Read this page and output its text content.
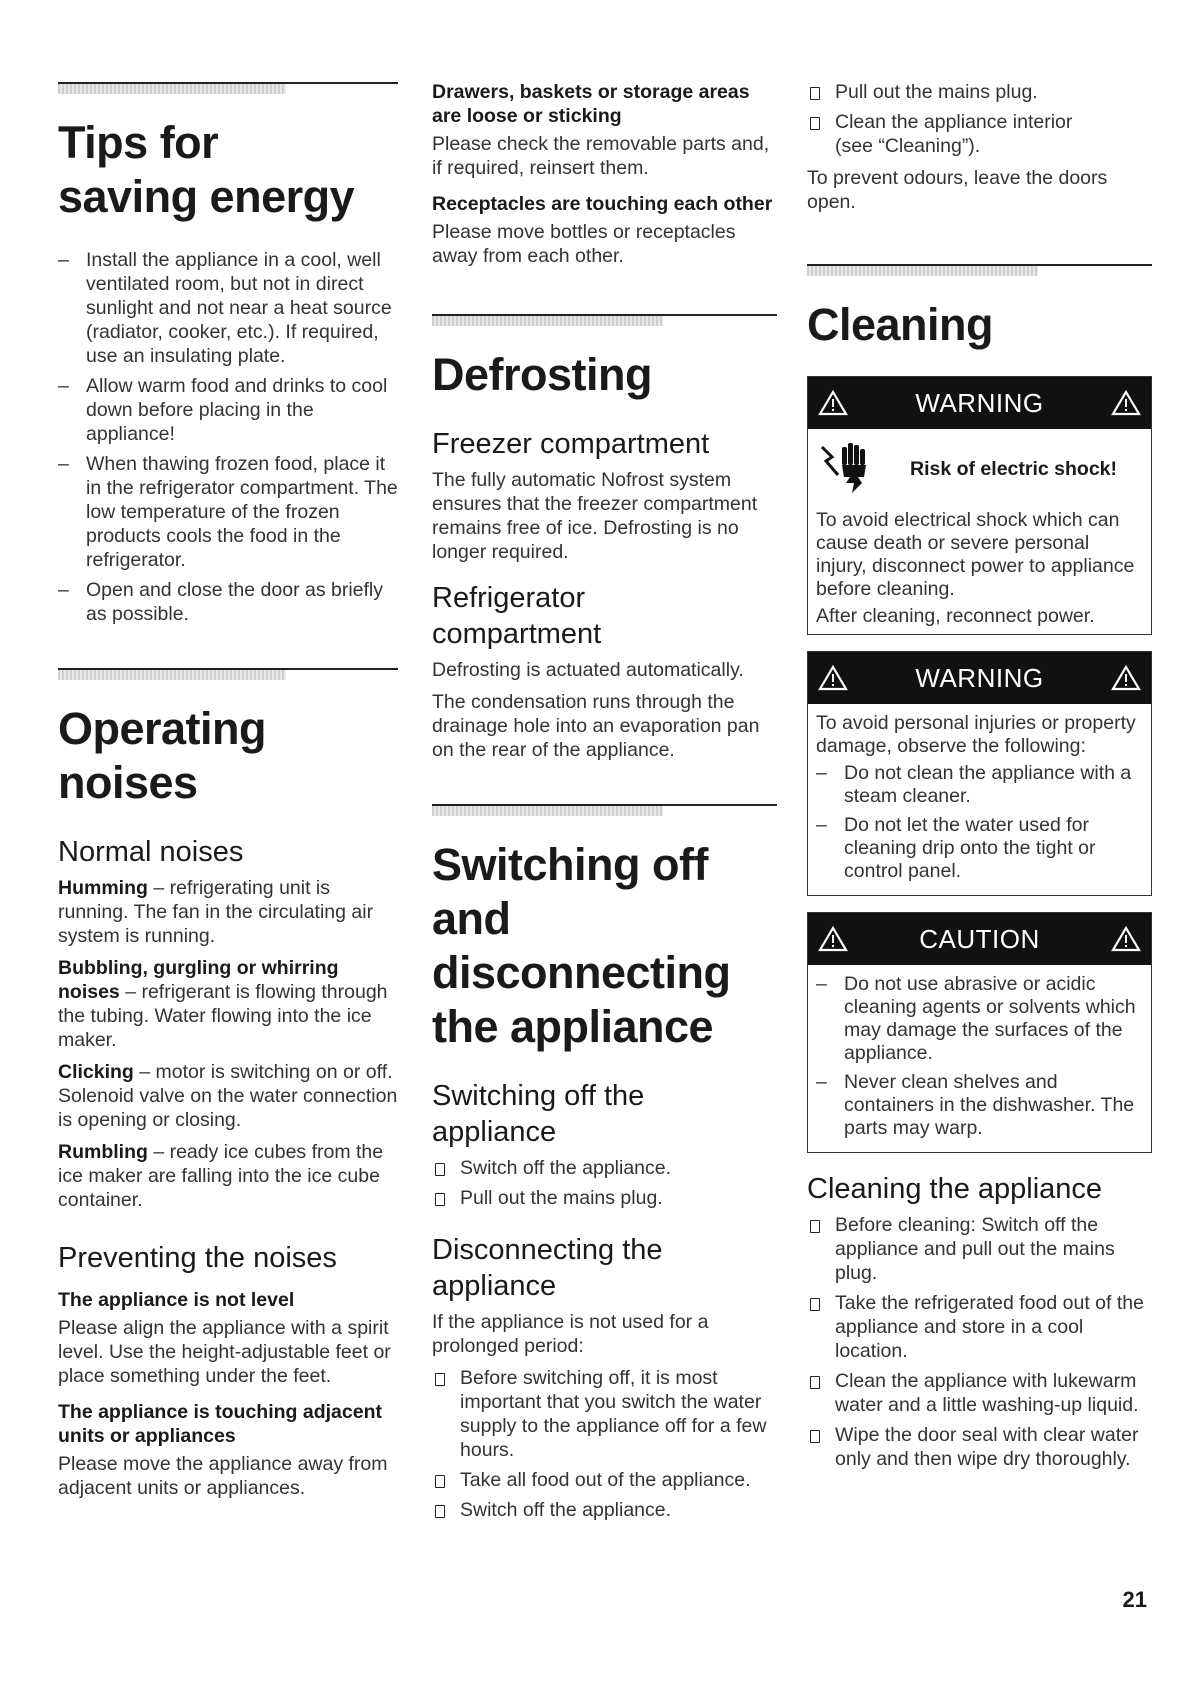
Tips for saving energy
– Install the appliance in a cool, well ventilated room, but not in direct sunlight and not near a heat source (radiator, cooker, etc.). If required, use an insulating plate.
– Allow warm food and drinks to cool down before placing in the appliance!
– When thawing frozen food, place it in the refrigerator compartment. The low temperature of the frozen products cools the food in the refrigerator.
– Open and close the door as briefly as possible.
Operating noises
Normal noises

Humming – refrigerating unit is running. The fan in the circulating air system is running.

Bubbling, gurgling or whirring noises – refrigerant is flowing through the tubing. Water flowing into the ice maker.

Clicking – motor is switching on or off. Solenoid valve on the water connection is opening or closing.

Rumbling – ready ice cubes from the ice maker are falling into the ice cube container.

Preventing the noises
The appliance is not level

Please align the appliance with a spirit level. Use the height-adjustable feet or place something under the feet.

The appliance is touching adjacent units or appliances

Please move the appliance away from adjacent units or appliances.

Drawers, baskets or storage areas are loose or sticking

Please check the removable parts and, if required, reinsert them.

Receptacles are touching each other

Please move bottles or receptacles away from each other.

Defrosting
Freezer compartment

The fully automatic Nofrost system ensures that the freezer compartment remains free of ice. Defrosting is no longer required.

Refrigerator compartment

Defrosting is actuated automatically.

The condensation runs through the drainage hole into an evaporation pan on the rear of the appliance.

Switching off and disconnecting the appliance
Switching off the appliance
Switch off the appliance.
Pull out the mains plug.
Disconnecting the appliance

If the appliance is not used for a prolonged period:

Before switching off, it is most important that you switch the water supply to the appliance off for a few hours.
Take all food out of the appliance.
Switch off the appliance.
Pull out the mains plug.
Clean the appliance interior (see “Cleaning”).

To prevent odours, leave the doors open.

Cleaning
WARNING
Risk of electric shock!

To avoid electrical shock which can cause death or severe personal injury, disconnect power to appliance before cleaning.

After cleaning, reconnect power.

WARNING

To avoid personal injuries or property damage, observe the following:

– Do not clean the appliance with a steam cleaner.
– Do not let the water used for cleaning drip onto the tight or control panel.
CAUTION
– Do not use abrasive or acidic cleaning agents or solvents which may damage the surfaces of the appliance.
– Never clean shelves and containers in the dishwasher. The parts may warp.
Cleaning the appliance
Before cleaning: Switch off the appliance and pull out the mains plug.
Take the refrigerated food out of the appliance and store in a cool location.
Clean the appliance with lukewarm water and a little washing-up liquid.
Wipe the door seal with clear water only and then wipe dry thoroughly.
21
